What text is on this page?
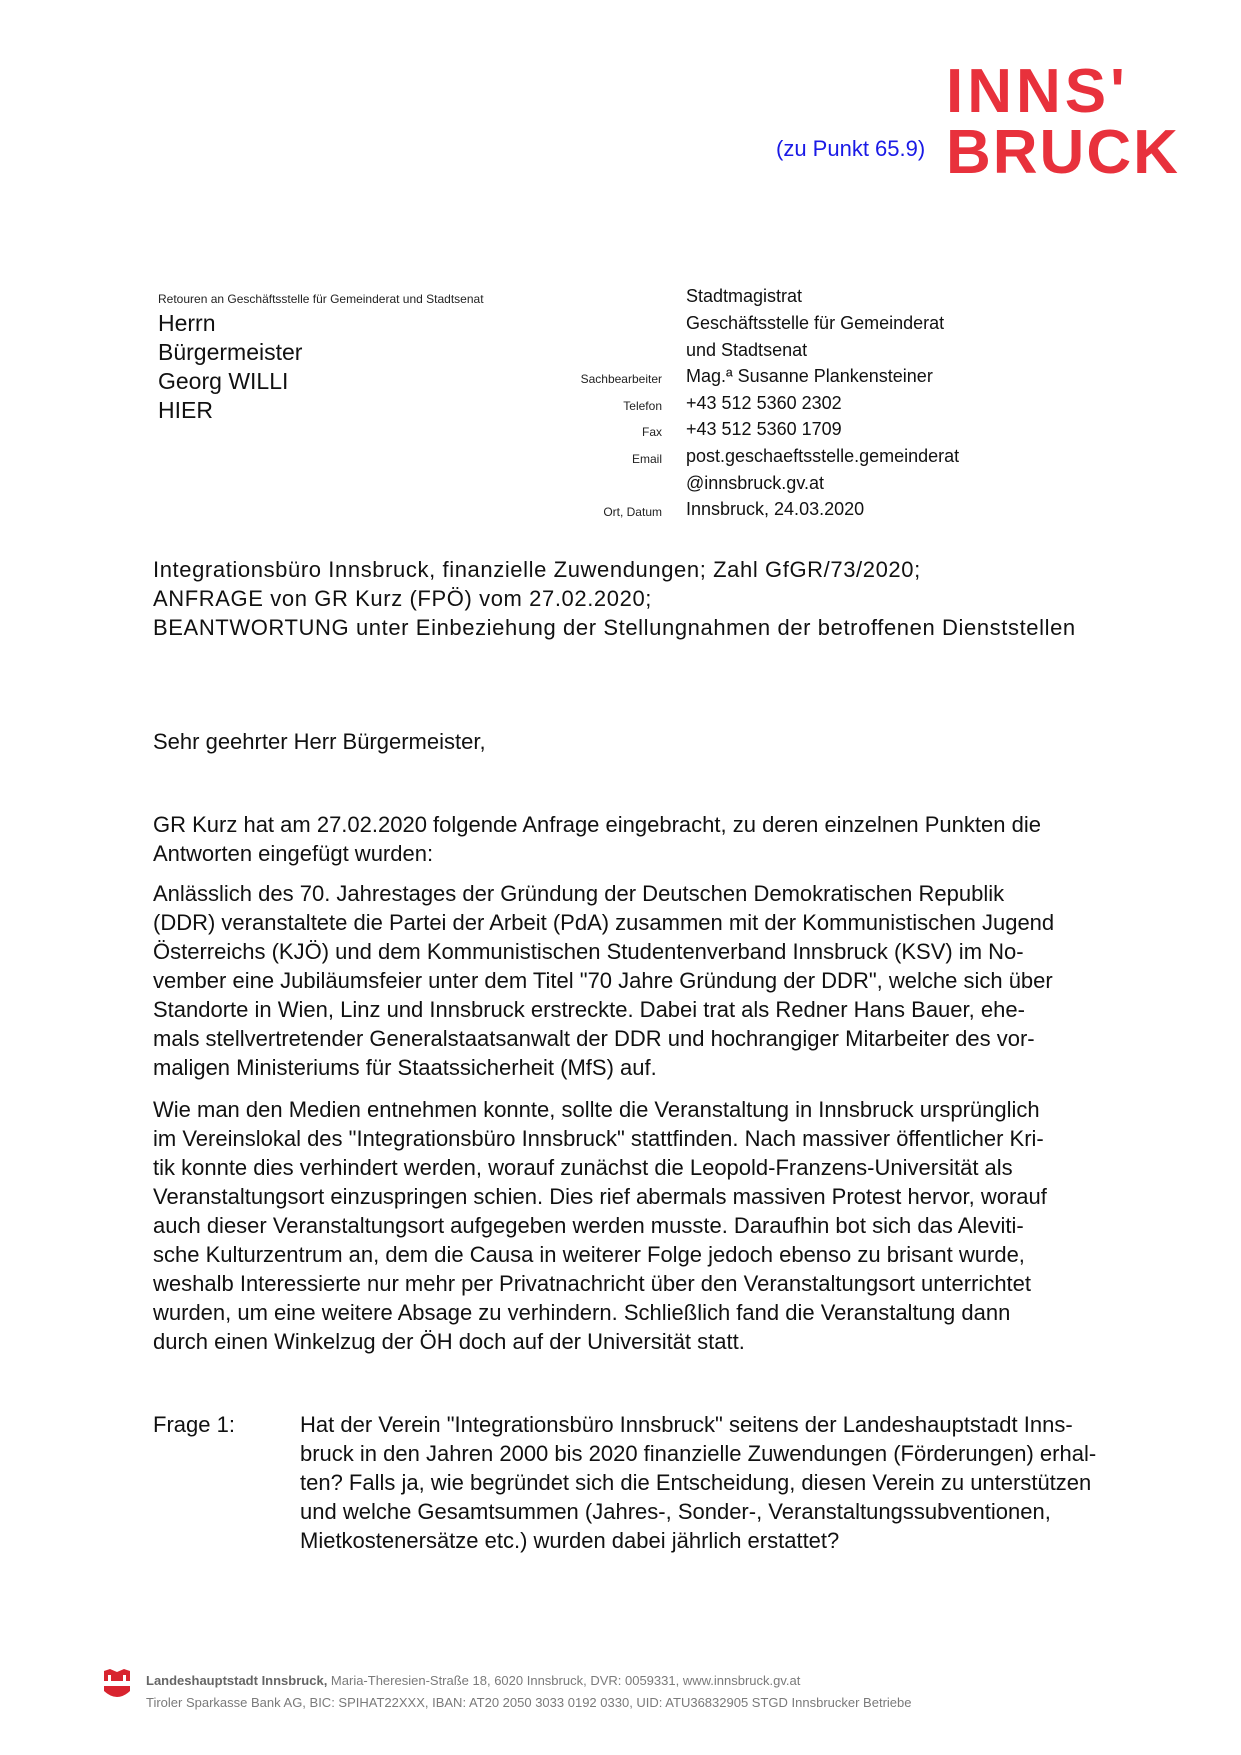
(zu Punkt 65.9)
INNS'
BRUCK
Retouren an Geschäftsstelle für Gemeinderat und Stadtsenat
Herrn
Bürgermeister
Georg WILLI
HIER
Stadtmagistrat
Geschäftsstelle für Gemeinderat
und Stadtsenat
Sachbearbeiter Mag.ª Susanne Plankensteiner
Telefon +43 512 5360 2302
Fax +43 512 5360 1709
Email post.geschaeftsstelle.gemeinderat
@innsbruck.gv.at
Ort, Datum Innsbruck, 24.03.2020
Integrationsbüro Innsbruck, finanzielle Zuwendungen; Zahl GfGR/73/2020;
ANFRAGE von GR Kurz (FPÖ) vom 27.02.2020;
BEANTWORTUNG unter Einbeziehung der Stellungnahmen der betroffenen Dienststellen
Sehr geehrter Herr Bürgermeister,
GR Kurz hat am 27.02.2020 folgende Anfrage eingebracht, zu deren einzelnen Punkten die
Antworten eingefügt wurden:
Anlässlich des 70. Jahrestages der Gründung der Deutschen Demokratischen Republik
(DDR) veranstaltete die Partei der Arbeit (PdA) zusammen mit der Kommunistischen Jugend
Österreichs (KJÖ) und dem Kommunistischen Studentenverband Innsbruck (KSV) im No-
vember eine Jubiläumsfeier unter dem Titel "70 Jahre Gründung der DDR", welche sich über
Standorte in Wien, Linz und Innsbruck erstreckte. Dabei trat als Redner Hans Bauer, ehe-
mals stellvertretender Generalstaatsanwalt der DDR und hochrangiger Mitarbeiter des vor-
maligen Ministeriums für Staatssicherheit (MfS) auf.
Wie man den Medien entnehmen konnte, sollte die Veranstaltung in Innsbruck ursprünglich
im Vereinslokal des "Integrationsbüro Innsbruck" stattfinden. Nach massiver öffentlicher Kri-
tik konnte dies verhindert werden, worauf zunächst die Leopold-Franzens-Universität als
Veranstaltungsort einzuspringen schien. Dies rief abermals massiven Protest hervor, worauf
auch dieser Veranstaltungsort aufgegeben werden musste. Daraufhin bot sich das Aleviti-
sche Kulturzentrum an, dem die Causa in weiterer Folge jedoch ebenso zu brisant wurde,
weshalb Interessierte nur mehr per Privatnachricht über den Veranstaltungsort unterrichtet
wurden, um eine weitere Absage zu verhindern. Schließlich fand die Veranstaltung dann
durch einen Winkelzug der ÖH doch auf der Universität statt.
Frage 1:	Hat der Verein "Integrationsbüro Innsbruck" seitens der Landeshauptstadt Inns-
bruck in den Jahren 2000 bis 2020 finanzielle Zuwendungen (Förderungen) erhal-
ten? Falls ja, wie begründet sich die Entscheidung, diesen Verein zu unterstützen
und welche Gesamtsummen (Jahres-, Sonder-, Veranstaltungssubventionen,
Mietkostenersätze etc.) wurden dabei jährlich erstattet?
Landeshauptstadt Innsbruck, Maria-Theresien-Straße 18, 6020 Innsbruck, DVR: 0059331, www.innsbruck.gv.at
Tiroler Sparkasse Bank AG, BIC: SPIHAT22XXX, IBAN: AT20 2050 3033 0192 0330, UID: ATU36832905 STGD Innsbrucker Betriebe
